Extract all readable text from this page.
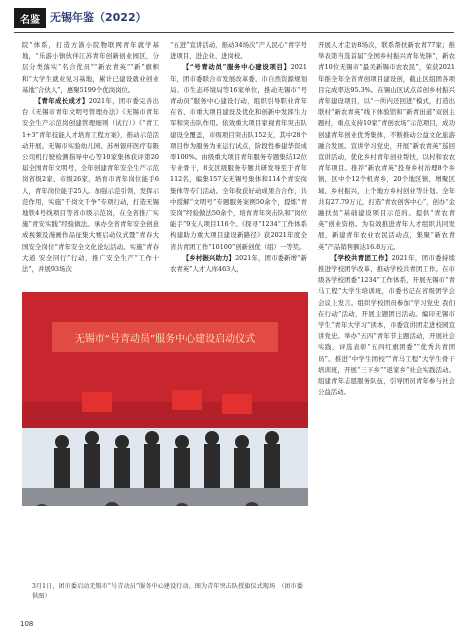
名鉴 无锡年鉴（2022）

院”体系，打造方浙小院物联网青年就学基地，“乐游小镇伙伴江苏青年创新创业园区，分层分类落实“名合优员”“新农青英”“新”旗帜和“大学生就业见习基地，累计已建设就业创业基地“合伙人”，惠聚5199个优岗岗位。

【青年成长成才】2021年，团市委完善出台《无锡市青年文明号管理办法》《无锡市青年安全生产示范岗创建管理细则（试行）》《“青工1+3”青年技能人才培育工程方案》，推动示范活动开展。无锡市实验幼儿园、苏州银环医疗有限公司机行驶检测指导中心等10家集体获评第20届全国青年文明号，全年创建青年安全生产示范岗省级2家、市级26家，培育市青年岗位能手6人，青年岗位能手25人。加强示范引领，发挥示范作用，实施“千岗文千争”专项行动，打造无锡地铁4号线项目等省市级示范岗，在全省推广实施“青安实践”经验做法。承办全省青年安全创意成视频及漫画作品征集大赛启动仪式暨“青春大国安全岗位”青年安全文化论坛活动。实施“青春大道 安全同行”行动，推广安全生产“工作十法”，并展93场次

“五进”宣讲活动，推动34场次“产人民心”青字号进项目、进企业、进岗校。

【“号青动员”服务中心建设项目】2021年，团市委联合市发展改革委、市自然资源规划局、市生态环境局等16家单位，推动无锡市“号青动员”服务中心建设行动，组织引导职业青年在省、市重大项目建设及优化和创新中发挥生力军和突击队作用。依效重大项目家视青年突击队建设全覆盖，市级项目突击队152支，其中28个项目作为服务为亚运行试点，阶段性参建华资成率100%。由级重大项目青年服务专题集结12位专业骨干，8支区级服务专题共研发导至于青年112名，编集157支无锡号集体和114个青安岗集体等专门活动。全年收获好动成果合合作，共中授解“文明号”专题服务案例50余个，提炼“青安岗”经验做法50余个，培育青年突击队和“岗位能手”9支人项目116个。《探寻“1234”工作体系 构建助力重大项目建设新路径》获2021年度全省共青团工作“10100”创新创优（组）一等奖。

【乡村振兴助力】2021年，团市委新增“新农青英”人才人库463人，

开展人才走访8场次，联系帮扶新农青77家；推举表第当选首届“全国乡村振兴青年先锋”，新农青10位无锡市“最美新锡市农农民”，荣获2021年推全年全省青创项目建设创，截止区组团各项目完成率达95.3%。在锡山区试点首创乡村振兴青年建设项目，以“一所内还回进”模式，打造出联村“新农青英”线下体验馆和“新青田道”双创主题村，重点支持10家“青创农场”示范项目，成功创建青年创业优秀集体，不断推动公益文化旅游融合发展。宣讲学习党史，开展“新农青英”巡回宣讲活动，优化乡村青年创业帮扶，以村和农农青年项目。推荐“新农青英”投身乡村治理8个乡镇，区中个12个机青乡，20个地区镇，增聚区域、乡村振兴，上个地方乡村创业等计划。全年共有27.79万元，打造“青农创客中心”，创办“金融扶贫”基础建设项目示范的。提供“青农青英”创业资格。为有效推进青年人才组织共同发展，新建青年农业农民活动点，集聚“新农青英”产品销售额达16.8万元。

【学校共青团工作】2021年，团市委持续推进学校团学改革，推动学校共青团工作。在市级各学校团委“1234”工作体系，开展无锡市“青马工程”大学生培训班，市委书记在省级团学会会议上发言。组织学校团员参加“学习党史 我们在行动”活动，开展主题团日活动。编印无锡市学生“青年大学习”读本，市委宣讲团走进校园宣讲党史。举办“五四”青年节主题活动，开展社会实践，评选表彰“五四红旗团委”“优秀共青团员”。推进“中学生团校”“青马工程”大学生骨干培训班，开展“三下乡”“返家乡”社会实践活动。组建青年志愿服务队伍，引导团员青年参与社会公益活动。

无锡市“号青动员”服务中心建设启动仪式
3月1日，团市委启动无锡市“号青动员”服务中心建设行动。图为青年突击队授旗仪式现场　（团市委　供图）
108
